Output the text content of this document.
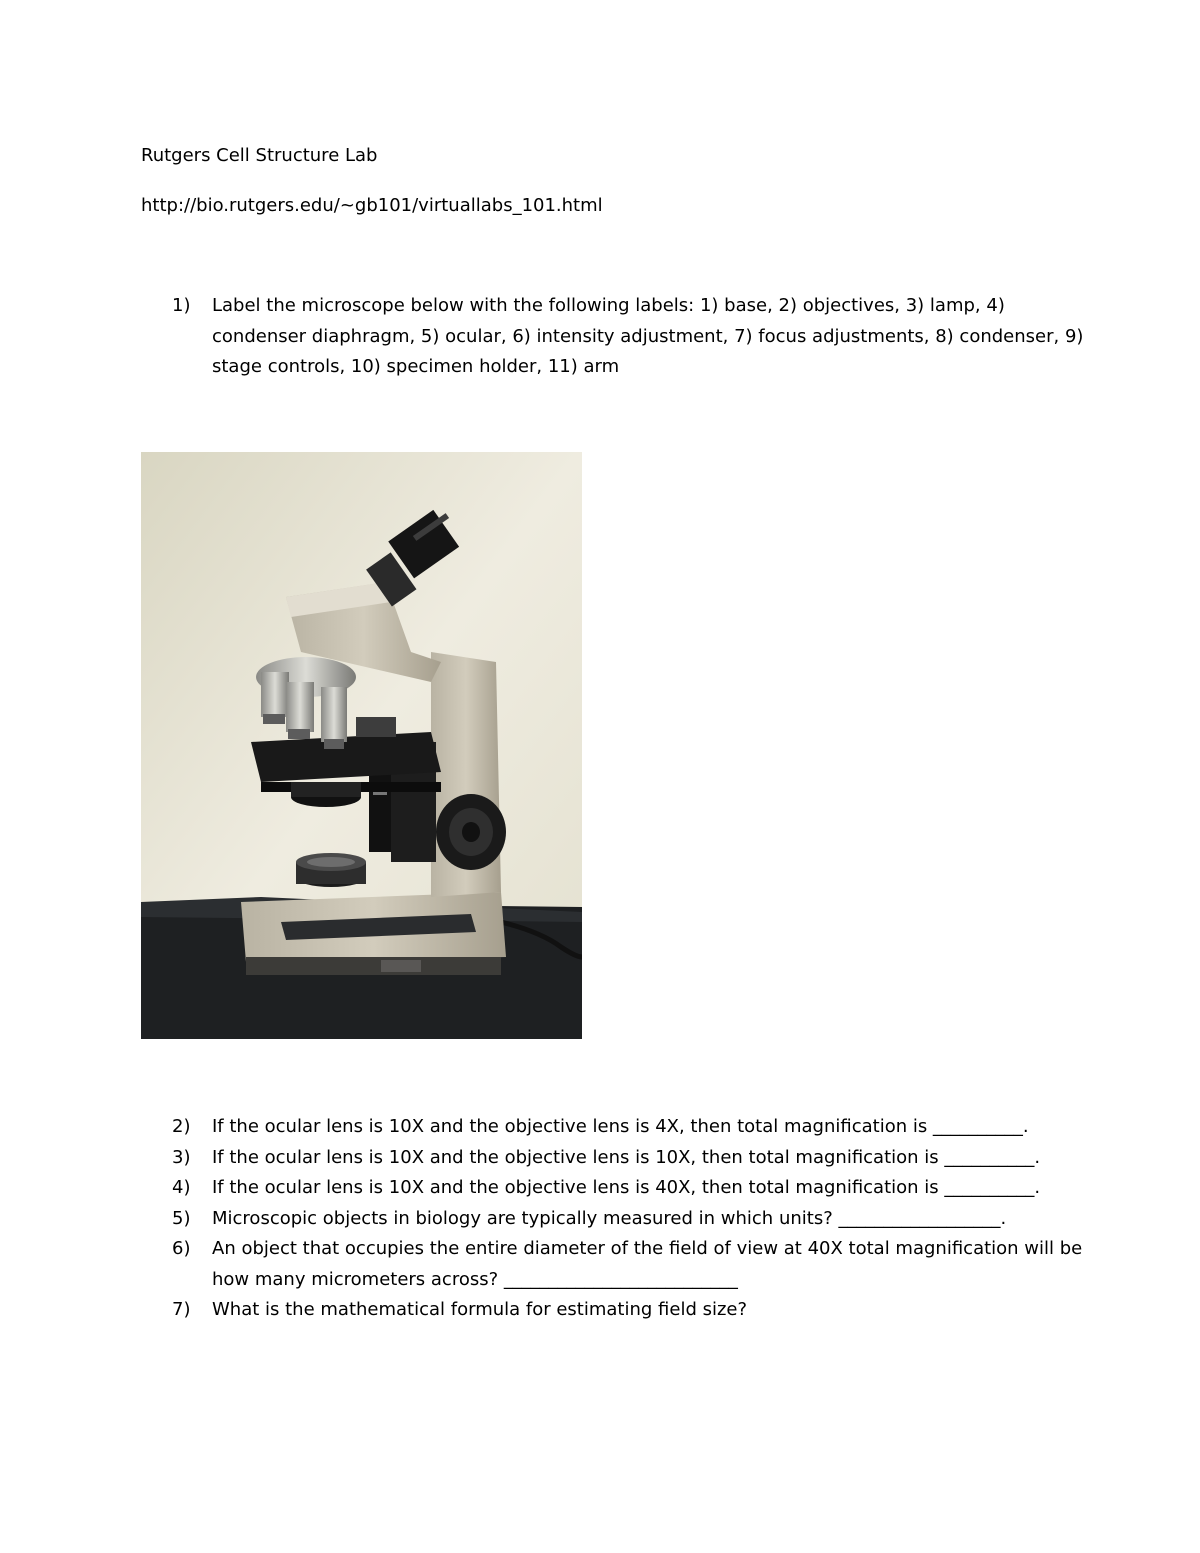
Rutgers Cell Structure Lab
http://bio.rutgers.edu/~gb101/virtuallabs_101.html
1)	Label the microscope below with the following labels: 1) base, 2) objectives, 3) lamp, 4) condenser diaphragm, 5) ocular, 6) intensity adjustment, 7) focus adjustments, 8) condenser, 9) stage controls, 10) specimen holder, 11) arm
2)	If the ocular lens is 10X and the objective lens is 4X, then total magnification is __________.
3)	If the ocular lens is 10X and the objective lens is 10X, then total magnification is __________.
4)	If the ocular lens is 10X and the objective lens is 40X, then total magnification is __________.
5)	Microscopic objects in biology are typically measured in which units? __________________.
6)	An object that occupies the entire diameter of the field of view at 40X total magnification will be how many micrometers across? __________________________
7)	What is the mathematical formula for estimating field size?
